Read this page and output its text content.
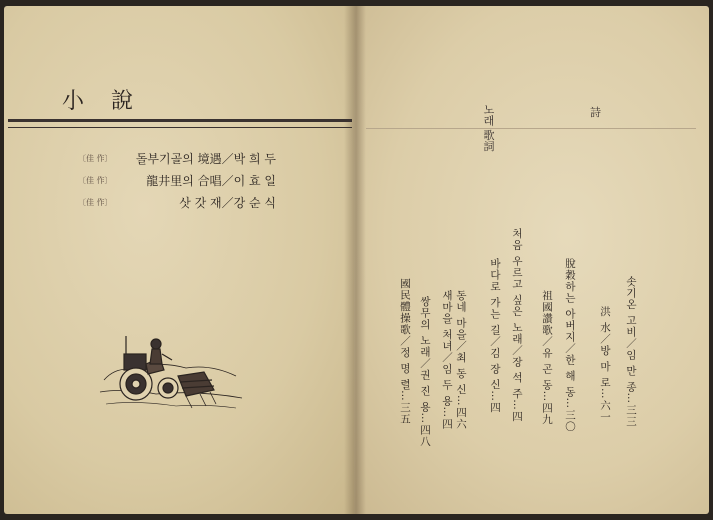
小 說
〔佳 作〕 돌부기골의 境遇／박 희 두
〔佳 作〕	龍井里의 合唱／이 효 일
〔佳 作〕	삿 갓 재／강 순 식
詩
노래 歌詞
솟기온 고비／임 만 종…三三
洪 水／방 마 로…六一
脫穀하는 아버지／한 해 동…三〇
祖國讚歌／유 곤 동…四九
처음 우르고 싶은 노래／장 석 주…四
바다로 가는 길／김 장 신…四
동네 마을／최 동 신…四六
새마을 처녀／임 두 용…四
쌍무의 노래／권 진 용…四八
國民體操歌／정 명 렬…三五
